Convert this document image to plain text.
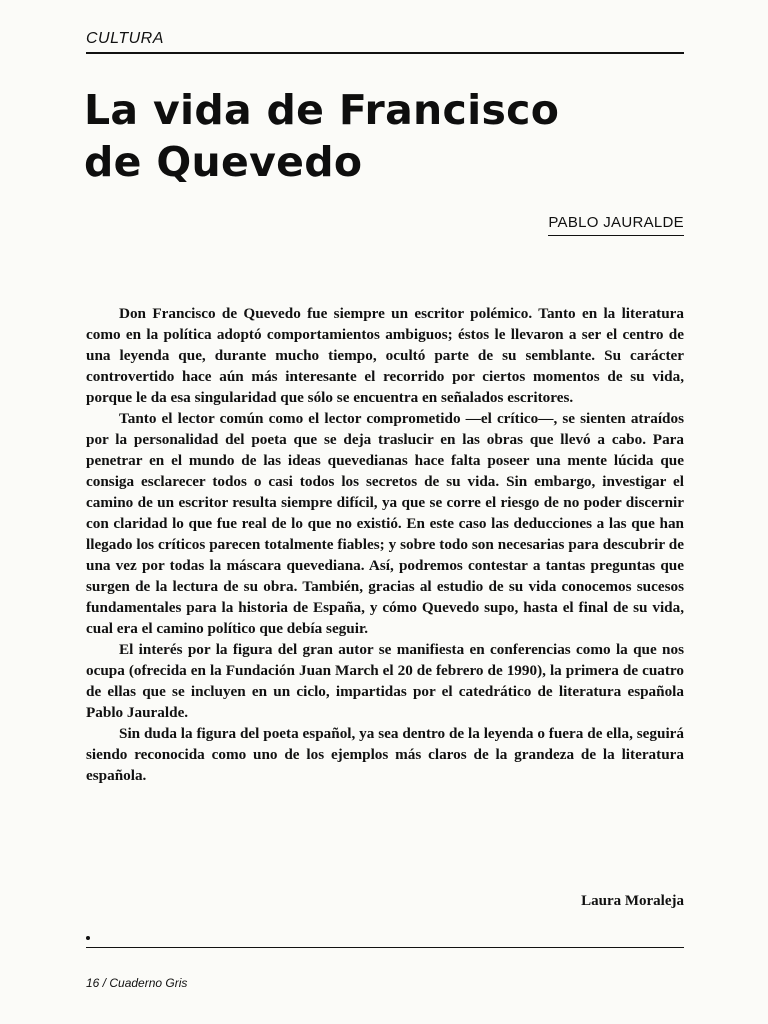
CULTURA
La vida de Francisco
de Quevedo
PABLO JAURALDE

Don Francisco de Quevedo fue siempre un escritor polémico. Tanto en la literatura como en la política adoptó comportamientos ambiguos; éstos le llevaron a ser el centro de una leyenda que, durante mucho tiempo, ocultó parte de su semblante. Su carácter controvertido hace aún más interesante el recorrido por ciertos momentos de su vida, porque le da esa singularidad que sólo se encuentra en señalados escritores.

Tanto el lector común como el lector comprometido —el crítico—, se sienten atraídos por la personalidad del poeta que se deja traslucir en las obras que llevó a cabo. Para penetrar en el mundo de las ideas quevedianas hace falta poseer una mente lúcida que consiga esclarecer todos o casi todos los secretos de su vida. Sin embargo, investigar el camino de un escritor resulta siempre difícil, ya que se corre el riesgo de no poder discernir con claridad lo que fue real de lo que no existió. En este caso las deducciones a las que han llegado los críticos parecen totalmente fiables; y sobre todo son necesarias para descubrir de una vez por todas la máscara quevediana. Así, podremos contestar a tantas preguntas que surgen de la lectura de su obra. También, gracias al estudio de su vida conocemos sucesos fundamentales para la historia de España, y cómo Quevedo supo, hasta el final de su vida, cual era el camino político que debía seguir.

El interés por la figura del gran autor se manifiesta en conferencias como la que nos ocupa (ofrecida en la Fundación Juan March el 20 de febrero de 1990), la primera de cuatro de ellas que se incluyen en un ciclo, impartidas por el catedrático de literatura española Pablo Jauralde.

Sin duda la figura del poeta español, ya sea dentro de la leyenda o fuera de ella, seguirá siendo reconocida como uno de los ejemplos más claros de la grandeza de la literatura española.

Laura Moraleja
16 / Cuaderno Gris
